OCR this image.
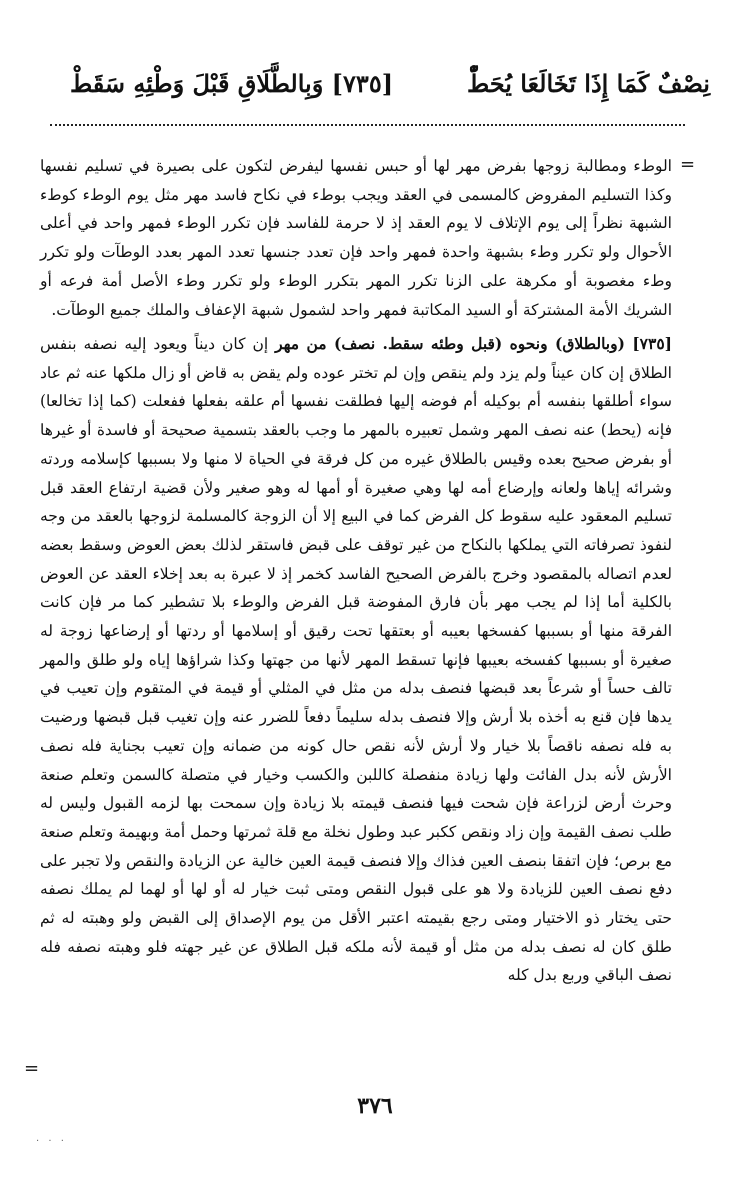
[٧٣٥] وَبِالطَّلَاقِ قَبْلَ وَطْئِهِ سَقَطْ	نِصْفٌ كَمَا إِذَا تَخَالَعَا يُحَطّْ
=

الوطء ومطالبة زوجها بفرض مهر لها أو حبس نفسها ليفرض لتكون على بصيرة في تسليم نفسها وكذا التسليم المفروض كالمسمى في العقد ويجب بوطء في نكاح فاسد مهر مثل يوم الوطء كوطء الشبهة نظراً إلى يوم الإتلاف لا يوم العقد إذ لا حرمة للفاسد فإن تكرر الوطء فمهر واحد في أعلى الأحوال ولو تكرر وطء بشبهة واحدة فمهر واحد فإن تعدد جنسها تعدد المهر بعدد الوطآت ولو تكرر وطء مغصوبة أو مكرهة على الزنا تكرر المهر بتكرر الوطء ولو تكرر وطء الأصل أمة فرعه أو الشريك الأمة المشتركة أو السيد المكاتبة فمهر واحد لشمول شبهة الإعفاف والملك جميع الوطآت.

[٧٣٥] (وبالطلاق) ونحوه (قبل وطئه سقط. نصف) من مهر إن كان ديناً ويعود إليه نصفه بنفس الطلاق إن كان عيناً ولم يزد ولم ينقص وإن لم تختر عوده ولم يقض به قاض أو زال ملكها عنه ثم عاد سواء أطلقها بنفسه أم بوكيله أم فوضه إليها فطلقت نفسها أم علقه بفعلها ففعلت (كما إذا تخالعا) فإنه (يحط) عنه نصف المهر وشمل تعبيره بالمهر ما وجب بالعقد بتسمية صحيحة أو فاسدة أو غيرها أو بفرض صحيح بعده وقيس بالطلاق غيره من كل فرقة في الحياة لا منها ولا بسببها كإسلامه وردته وشرائه إياها ولعانه وإرضاع أمه لها وهي صغيرة أو أمها له وهو صغير ولأن قضية ارتفاع العقد قبل تسليم المعقود عليه سقوط كل الفرض كما في البيع إلا أن الزوجة كالمسلمة لزوجها بالعقد من وجه لنفوذ تصرفاته التي يملكها بالنكاح من غير توقف على قبض فاستقر لذلك بعض العوض وسقط بعضه لعدم اتصاله بالمقصود وخرج بالفرض الصحيح الفاسد كخمر إذ لا عبرة به بعد إخلاء العقد عن العوض بالكلية أما إذا لم يجب مهر بأن فارق المفوضة قبل الفرض والوطء بلا تشطير كما مر فإن كانت الفرقة منها أو بسببها كفسخها بعيبه أو بعتقها تحت رقيق أو إسلامها أو ردتها أو إرضاعها زوجة له صغيرة أو بسببها كفسخه بعيبها فإنها تسقط المهر لأنها من جهتها وكذا شراؤها إياه ولو طلق والمهر تالف حساً أو شرعاً بعد قبضها فنصف بدله من مثل في المثلي أو قيمة في المتقوم وإن تعيب في يدها فإن قنع به أخذه بلا أرش وإلا فنصف بدله سليماً دفعاً للضرر عنه وإن تغيب قبل قبضها ورضيت به فله نصفه ناقصاً بلا خيار ولا أرش لأنه نقص حال كونه من ضمانه وإن تعيب بجناية فله نصف الأرش لأنه بدل الفائت ولها زيادة منفصلة كاللبن والكسب وخيار في متصلة كالسمن وتعلم صنعة وحرث أرض لزراعة فإن شحت فيها فنصف قيمته بلا زيادة وإن سمحت بها لزمه القبول وليس له طلب نصف القيمة وإن زاد ونقص ككبر عبد وطول نخلة مع قلة ثمرتها وحمل أمة وبهيمة وتعلم صنعة مع برص؛ فإن اتفقا بنصف العين فذاك وإلا فنصف قيمة العين خالية عن الزيادة والنقص ولا تجبر على دفع نصف العين للزيادة ولا هو على قبول النقص ومتى ثبت خيار له أو لها أو لهما لم يملك نصفه حتى يختار ذو الاختيار ومتى رجع بقيمته اعتبر الأقل من يوم الإصداق إلى القبض ولو وهبته له ثم طلق كان له نصف بدله من مثل أو قيمة لأنه ملكه قبل الطلاق عن غير جهته فلو وهبته نصفه فله نصف الباقي وربع بدل كله

=
٣٧٦
· · ·
